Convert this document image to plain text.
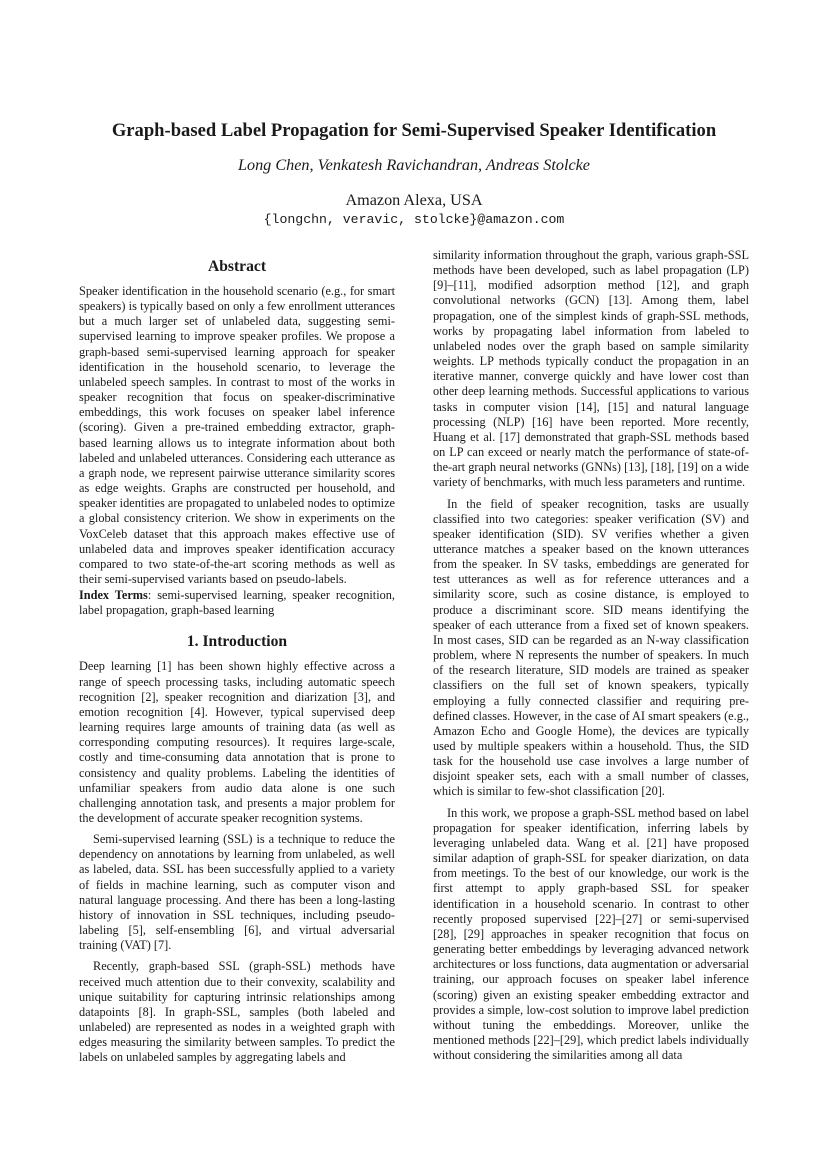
Graph-based Label Propagation for Semi-Supervised Speaker Identification

Long Chen, Venkatesh Ravichandran, Andreas Stolcke

Amazon Alexa, USA

{longchn, veravic, stolcke}@amazon.com

Abstract

Speaker identification in the household scenario (e.g., for smart speakers) is typically based on only a few enrollment utterances but a much larger set of unlabeled data, suggesting semi-supervised learning to improve speaker profiles. We propose a graph-based semi-supervised learning approach for speaker identification in the household scenario, to leverage the unlabeled speech samples. In contrast to most of the works in speaker recognition that focus on speaker-discriminative embeddings, this work focuses on speaker label inference (scoring). Given a pre-trained embedding extractor, graph-based learning allows us to integrate information about both labeled and unlabeled utterances. Considering each utterance as a graph node, we represent pairwise utterance similarity scores as edge weights. Graphs are constructed per household, and speaker identities are propagated to unlabeled nodes to optimize a global consistency criterion. We show in experiments on the VoxCeleb dataset that this approach makes effective use of unlabeled data and improves speaker identification accuracy compared to two state-of-the-art scoring methods as well as their semi-supervised variants based on pseudo-labels.

Index Terms: semi-supervised learning, speaker recognition, label propagation, graph-based learning

1. Introduction

Deep learning [1] has been shown highly effective across a range of speech processing tasks, including automatic speech recognition [2], speaker recognition and diarization [3], and emotion recognition [4]. However, typical supervised deep learning requires large amounts of training data (as well as corresponding computing resources). It requires large-scale, costly and time-consuming data annotation that is prone to consistency and quality problems. Labeling the identities of unfamiliar speakers from audio data alone is one such challenging annotation task, and presents a major problem for the development of accurate speaker recognition systems.

Semi-supervised learning (SSL) is a technique to reduce the dependency on annotations by learning from unlabeled, as well as labeled, data. SSL has been successfully applied to a variety of fields in machine learning, such as computer vison and natural language processing. And there has been a long-lasting history of innovation in SSL techniques, including pseudo-labeling [5], self-ensembling [6], and virtual adversarial training (VAT) [7].

Recently, graph-based SSL (graph-SSL) methods have received much attention due to their convexity, scalability and unique suitability for capturing intrinsic relationships among datapoints [8]. In graph-SSL, samples (both labeled and unlabeled) are represented as nodes in a weighted graph with edges measuring the similarity between samples. To predict the labels on unlabeled samples by aggregating labels and

similarity information throughout the graph, various graph-SSL methods have been developed, such as label propagation (LP) [9]–[11], modified adsorption method [12], and graph convolutional networks (GCN) [13]. Among them, label propagation, one of the simplest kinds of graph-SSL methods, works by propagating label information from labeled to unlabeled nodes over the graph based on sample similarity weights. LP methods typically conduct the propagation in an iterative manner, converge quickly and have lower cost than other deep learning methods. Successful applications to various tasks in computer vision [14], [15] and natural language processing (NLP) [16] have been reported. More recently, Huang et al. [17] demonstrated that graph-SSL methods based on LP can exceed or nearly match the performance of state-of-the-art graph neural networks (GNNs) [13], [18], [19] on a wide variety of benchmarks, with much less parameters and runtime.

In the field of speaker recognition, tasks are usually classified into two categories: speaker verification (SV) and speaker identification (SID). SV verifies whether a given utterance matches a speaker based on the known utterances from the speaker. In SV tasks, embeddings are generated for test utterances as well as for reference utterances and a similarity score, such as cosine distance, is employed to produce a discriminant score. SID means identifying the speaker of each utterance from a fixed set of known speakers. In most cases, SID can be regarded as an N-way classification problem, where N represents the number of speakers. In much of the research literature, SID models are trained as speaker classifiers on the full set of known speakers, typically employing a fully connected classifier and requiring pre-defined classes. However, in the case of AI smart speakers (e.g., Amazon Echo and Google Home), the devices are typically used by multiple speakers within a household. Thus, the SID task for the household use case involves a large number of disjoint speaker sets, each with a small number of classes, which is similar to few-shot classification [20].

In this work, we propose a graph-SSL method based on label propagation for speaker identification, inferring labels by leveraging unlabeled data. Wang et al. [21] have proposed similar adaption of graph-SSL for speaker diarization, on data from meetings. To the best of our knowledge, our work is the first attempt to apply graph-based SSL for speaker identification in a household scenario. In contrast to other recently proposed supervised [22]–[27] or semi-supervised [28], [29] approaches in speaker recognition that focus on generating better embeddings by leveraging advanced network architectures or loss functions, data augmentation or adversarial training, our approach focuses on speaker label inference (scoring) given an existing speaker embedding extractor and provides a simple, low-cost solution to improve label prediction without tuning the embeddings. Moreover, unlike the mentioned methods [22]–[29], which predict labels individually without considering the similarities among all data
